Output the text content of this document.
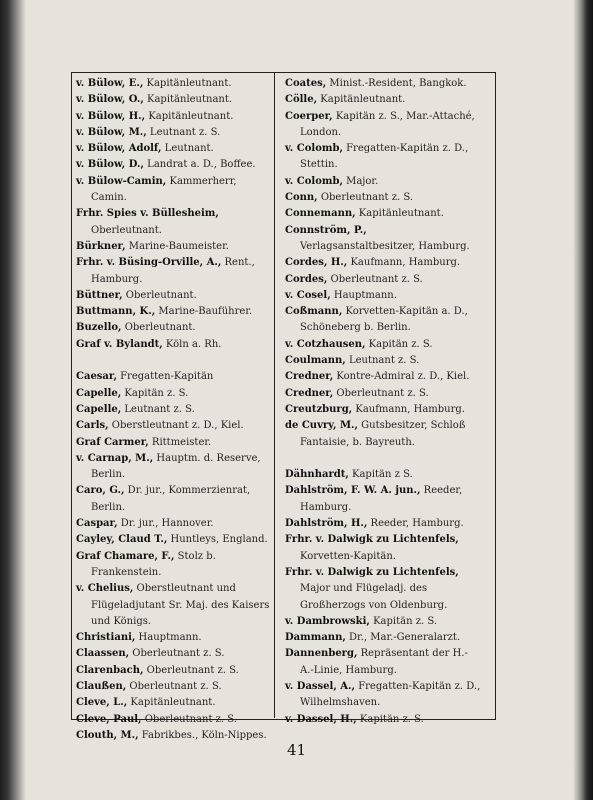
v. Bülow, E., Kapitänleutnant.

v. Bülow, O., Kapitänleutnant.

v. Bülow, H., Kapitänleutnant.

v. Bülow, M., Leutnant z. S.

v. Bülow, Adolf, Leutnant.

v. Bülow, D., Landrat a. D., Boffee.

v. Bülow-Camin, Kammerherr, Camin.

Frhr. Spies v. Büllesheim, Oberleutnant.

Bürkner, Marine-Baumeister.

Frhr. v. Büsing-Orville, A., Rent., Hamburg.

Büttner, Oberleutnant.

Buttmann, K., Marine-Bauführer.

Buzello, Oberleutnant.

Graf v. Bylandt, Köln a. Rh.

Caesar, Fregatten-Kapitän

Capelle, Kapitän z. S.

Capelle, Leutnant z. S.

Carls, Oberstleutnant z. D., Kiel.

Graf Carmer, Rittmeister.

v. Carnap, M., Hauptm. d. Reserve, Berlin.

Caro, G., Dr. jur., Kommerzienrat, Berlin.

Caspar, Dr. jur., Hannover.

Cayley, Claud T., Huntleys, England.

Graf Chamare, F., Stolz b. Frankenstein.

v. Chelius, Oberstleutnant und Flügeladjutant Sr. Maj. des Kaisers und Königs.

Christiani, Hauptmann.

Claassen, Oberleutnant z. S.

Clarenbach, Oberleutnant z. S.

Claußen, Oberleutnant z. S.

Cleve, L., Kapitänleutnant.

Cleve, Paul, Oberleutnant z. S.

Clouth, M., Fabrikbes., Köln-Nippes.

Coates, Minist.-Resident, Bangkok.

Cölle, Kapitänleutnant.

Coerper, Kapitän z. S., Mar.-Attaché, London.

v. Colomb, Fregatten-Kapitän z. D., Stettin.

v. Colomb, Major.

Conn, Oberleutnant z. S.

Connemann, Kapitänleutnant.

Connström, P., Verlagsanstaltbesitzer, Hamburg.

Cordes, H., Kaufmann, Hamburg.

Cordes, Oberleutnant z. S.

v. Cosel, Hauptmann.

Coßmann, Korvetten-Kapitän a. D., Schöneberg b. Berlin.

v. Cotzhausen, Kapitän z. S.

Coulmann, Leutnant z. S.

Credner, Kontre-Admiral z. D., Kiel.

Credner, Oberleutnant z. S.

Creutzburg, Kaufmann, Hamburg.

de Cuvry, M., Gutsbesitzer, Schloß Fantaisie, b. Bayreuth.

Dähnhardt, Kapitän z S.

Dahlström, F. W. A. jun., Reeder, Hamburg.

Dahlström, H., Reeder, Hamburg.

Frhr. v. Dalwigk zu Lichtenfels, Korvetten-Kapitän.

Frhr. v. Dalwigk zu Lichtenfels, Major und Flügeladj. des Großherzogs von Oldenburg.

v. Dambrowski, Kapitän z. S.

Dammann, Dr., Mar.-Generalarzt.

Dannenberg, Repräsentant der H.-A.-Linie, Hamburg.

v. Dassel, A., Fregatten-Kapitän z. D., Wilhelmshaven.

v. Dassel, H., Kapitän z. S.

41
